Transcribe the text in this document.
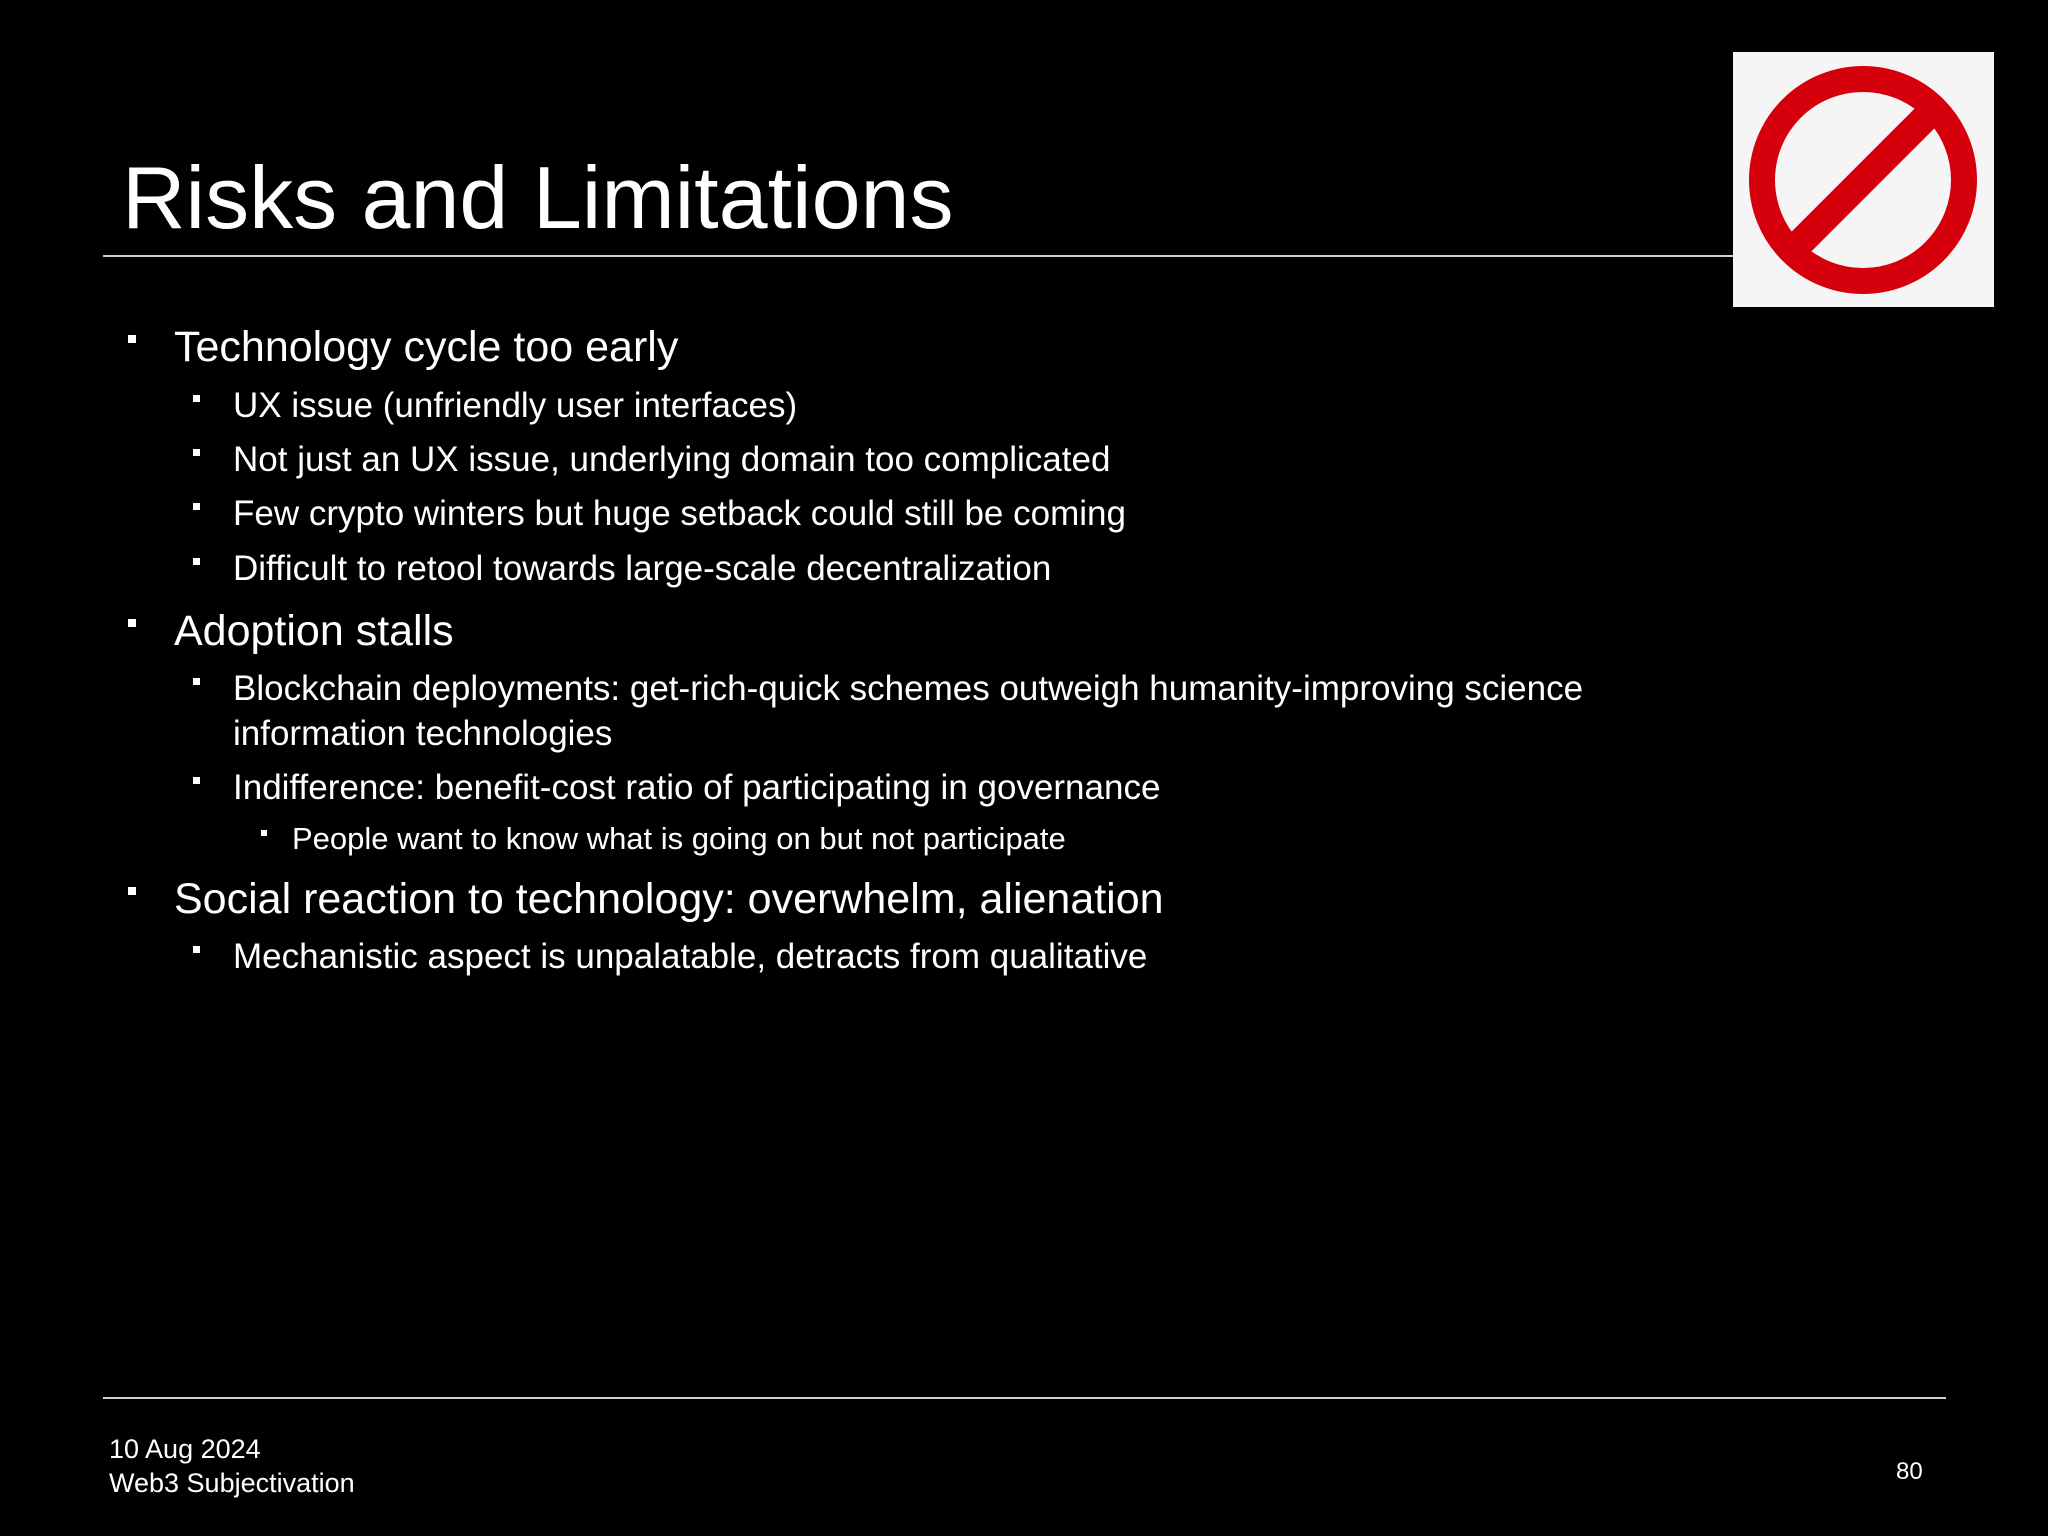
Risks and Limitations
Technology cycle too early
UX issue (unfriendly user interfaces)
Not just an UX issue, underlying domain too complicated
Few crypto winters but huge setback could still be coming
Difficult to retool towards large-scale decentralization
Adoption stalls
Blockchain deployments: get-rich-quick schemes outweigh humanity-improving science
information technologies
Indifference: benefit-cost ratio of participating in governance
People want to know what is going on but not participate
Social reaction to technology: overwhelm, alienation
Mechanistic aspect is unpalatable, detracts from qualitative
10 Aug 2024
Web3 Subjectivation	80
